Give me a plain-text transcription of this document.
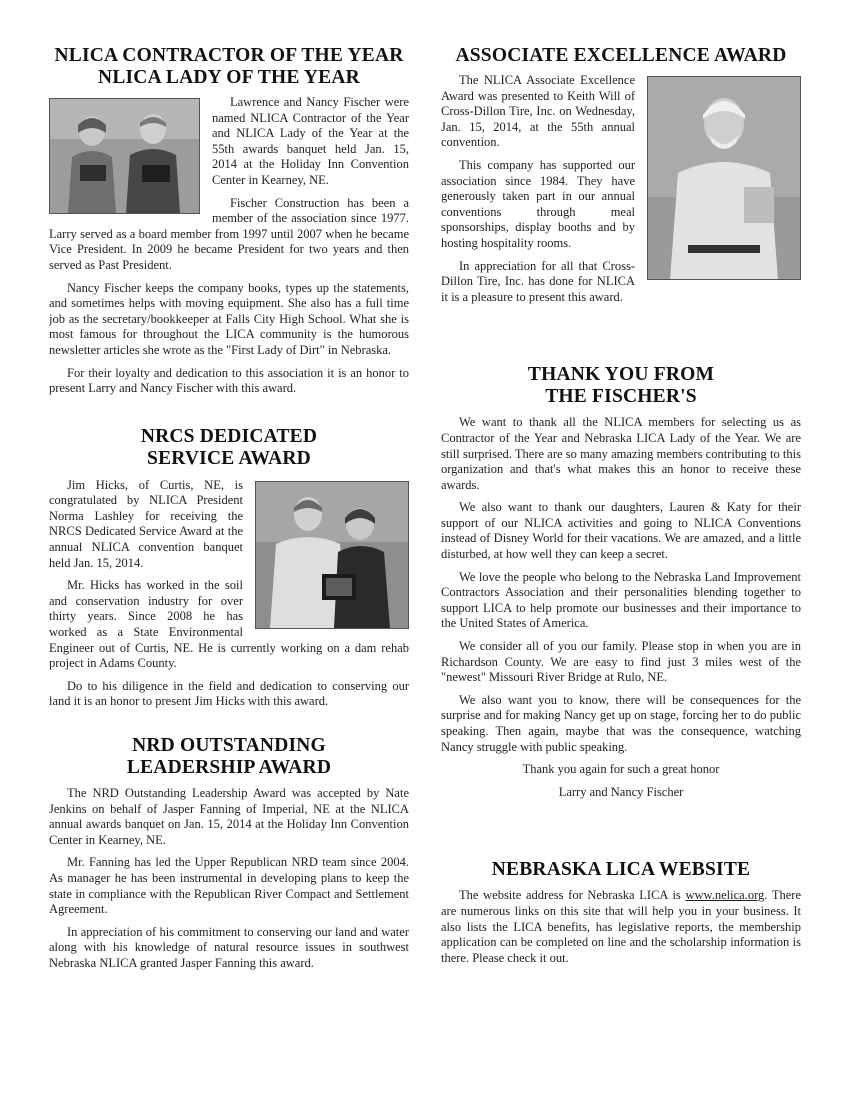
NLICA CONTRACTOR OF THE YEAR
NLICA LADY OF THE YEAR

Lawrence and Nancy Fischer were named NLICA Contractor of the Year and NLICA Lady of the Year at the 55th awards banquet held Jan. 15, 2014 at the Holiday Inn Convention Center in Kearney, NE.

Fischer Construction has been a member of the association since 1977. Larry served as a board member from 1997 until 2007 when he became Vice President. In 2009 he became President for two years and then served as Past President.

Nancy Fischer keeps the company books, types up the statements, and sometimes helps with moving equipment. She also has a full time job as the secretary/bookkeeper at Falls City High School. What she is most famous for throughout the LICA community is the humorous newsletter articles she wrote as the "First Lady of Dirt" in Nebraska.

For their loyalty and dedication to this association it is an honor to present Larry and Nancy Fischer with this award.

NRCS DEDICATED
SERVICE AWARD

Jim Hicks, of Curtis, NE, is congratulated by NLICA President Norma Lashley for receiving the NRCS Dedicated Service Award at the annual NLICA convention banquet held Jan. 15, 2014.

Mr. Hicks has worked in the soil and conservation industry for over thirty years. Since 2008 he has worked as a State Environmental Engineer out of Curtis, NE. He is currently working on a dam rehab project in Adams County.

Do to his diligence in the field and dedication to conserving our land it is an honor to present Jim Hicks with this award.

NRD OUTSTANDING
LEADERSHIP AWARD

The NRD Outstanding Leadership Award was accepted by Nate Jenkins on behalf of Jasper Fanning of Imperial, NE at the NLICA annual awards banquet on Jan. 15, 2014 at the Holiday Inn Convention Center in Kearney, NE.

Mr. Fanning has led the Upper Republican NRD team since 2004. As manager he has been instrumental in developing plans to keep the state in compliance with the Republican River Compact and Settlement Agreement.

In appreciation of his commitment to conserving our land and water along with his knowledge of natural resource issues in southwest Nebraska NLICA granted Jasper Fanning this award.

ASSOCIATE EXCELLENCE AWARD

The NLICA Associate Excellence Award was presented to Keith Will of Cross-Dillon Tire, Inc. on Wednesday, Jan. 15, 2014, at the 55th annual convention.

This company has supported our association since 1984. They have generously taken part in our annual conventions through meal sponsorships, display booths and by hosting hospitality rooms.

In appreciation for all that Cross-Dillon Tire, Inc. has done for NLICA it is a pleasure to present this award.

THANK YOU FROM
THE FISCHER'S

We want to thank all the NLICA members for selecting us as Contractor of the Year and Nebraska LICA Lady of the Year. We are still surprised. There are so many amazing members contributing to this organization and that's what makes this an honor to receive these awards.

We also want to thank our daughters, Lauren & Katy for their support of our NLICA activities and going to NLICA Conventions instead of Disney World for their vacations. We are amazed, and a little disturbed, at how well they can keep a secret.

We love the people who belong to the Nebraska Land Improvement Contractors Association and their personalities blending together to support LICA to help promote our businesses and their importance to the United States of America.

We consider all of you our family. Please stop in when you are in Richardson County. We are easy to find just 3 miles west of the "newest" Missouri River Bridge at Rulo, NE.

We also want you to know, there will be consequences for the surprise and for making Nancy get up on stage, forcing her to do public speaking. Then again, maybe that was the consequence, watching Nancy struggle with public speaking.

Thank you again for such a great honor

Larry and Nancy Fischer

NEBRASKA LICA WEBSITE

The website address for Nebraska LICA is www.nelica.org. There are numerous links on this site that will help you in your business. It also lists the LICA benefits, has legislative reports, the membership application can be completed on line and the scholarship information is there. Please check it out.
